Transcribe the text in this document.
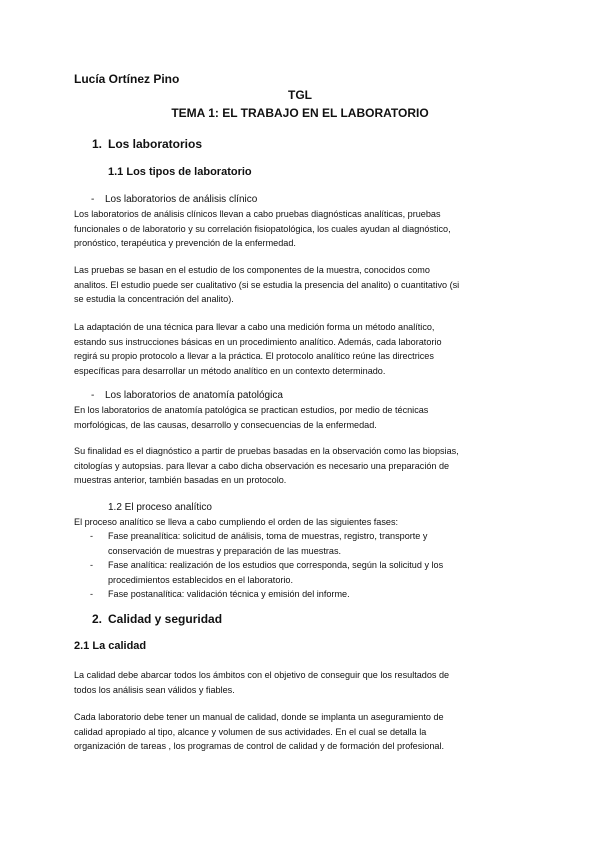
Lucía Ortínez Pino
TGL
TEMA 1: EL TRABAJO EN EL LABORATORIO
1. Los laboratorios
1.1 Los tipos de laboratorio
- Los laboratorios de análisis clínico
Los laboratorios de análisis clínicos llevan a cabo pruebas diagnósticas analíticas, pruebas
funcionales o de laboratorio y su correlación fisiopatológica, los cuales ayudan al diagnóstico,
pronóstico, terapéutica y prevención de la enfermedad.
Las pruebas se basan en el estudio de los componentes de la muestra, conocidos como
analitos. El estudio puede ser cualitativo (si se estudia la presencia del analito) o cuantitativo (si
se estudia la concentración del analito).
La adaptación de una técnica para llevar a cabo una medición forma un método analítico,
estando sus instrucciones básicas en un procedimiento analítico. Además, cada laboratorio
regirá su propio protocolo a llevar a la práctica. El protocolo analítico reúne las directrices
específicas para desarrollar un método analítico en un contexto determinado.
- Los laboratorios de anatomía patológica
En los laboratorios de anatomía patológica se practican estudios, por medio de técnicas
morfológicas, de las causas, desarrollo y consecuencias de la enfermedad.
Su finalidad es el diagnóstico a partir de pruebas basadas en la observación como las biopsias,
citologías y autopsias. para llevar a cabo dicha observación es necesario una preparación de
muestras anterior, también basadas en un protocolo.
1.2 El proceso analítico
El proceso analítico se lleva a cabo cumpliendo el orden de las siguientes fases:
- Fase preanalítica: solicitud de análisis, toma de muestras, registro, transporte y
conservación de muestras y preparación de las muestras.
- Fase analítica: realización de los estudios que corresponda, según la solicitud y los
procedimientos establecidos en el laboratorio.
- Fase postanalítica: validación técnica y emisión del informe.
2. Calidad y seguridad
2.1 La calidad
La calidad debe abarcar todos los ámbitos con el objetivo de conseguir que los resultados de
todos los análisis sean válidos y fiables.
Cada laboratorio debe tener un manual de calidad, donde se implanta un aseguramiento de
calidad apropiado al tipo, alcance y volumen de sus actividades. En el cual se detalla la
organización de tareas , los programas de control de calidad y de formación del profesional.
